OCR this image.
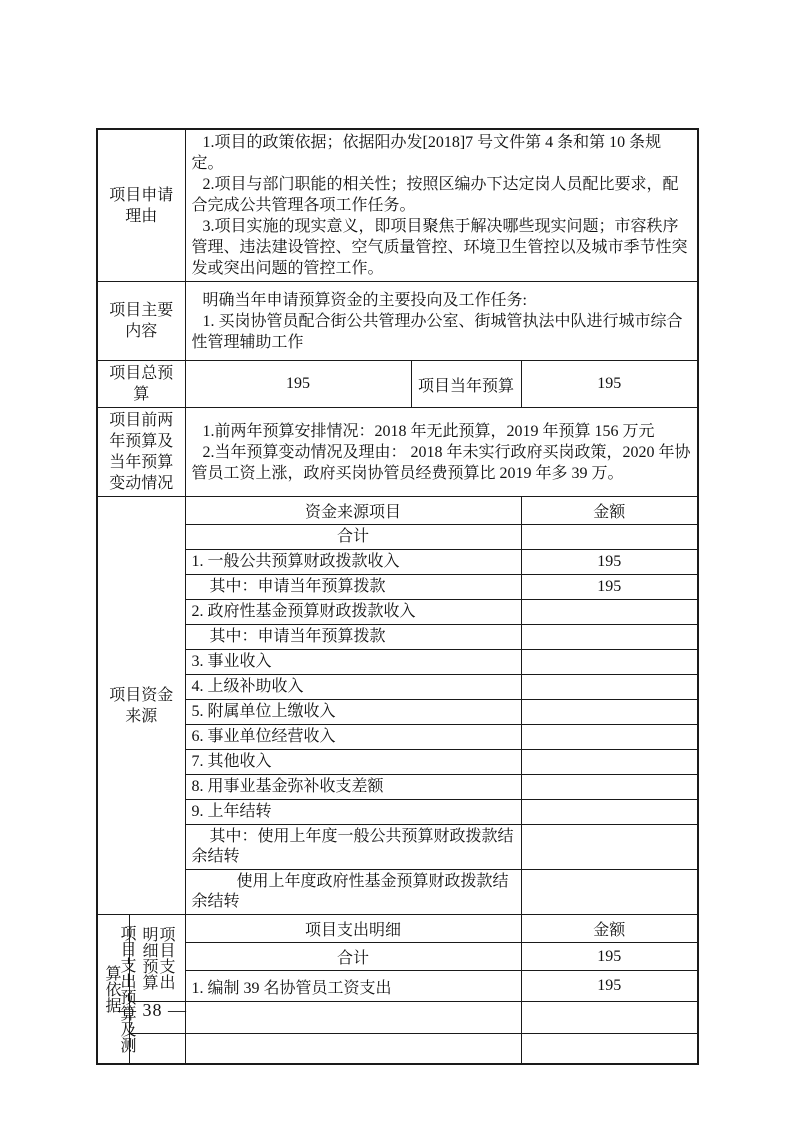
项目申请理由		1.项目的政策依据；依据阳办发[2018]7 号文件第 4 条和第 10 条规定。

2.项目与部门职能的相关性；按照区编办下达定岗人员配比要求，配合完成公共管理各项工作任务。

3.项目实施的现实意义，即项目聚焦于解决哪些现实问题；市容秩序管理、违法建设管控、空气质量管控、环境卫生管控以及城市季节性突发或突出问题的管控工作。		

项目主要内容		明确当年申请预算资金的主要投向及工作任务:

1. 买岗协管员配合街公共管理办公室、街城管执法中队进行城市综合性管理辅助工作		

项目总预算		195	项目当年预算	195

项目前两年预算及当年预算变动情况		1.前两年预算安排情况：2018 年无此预算，2019 年预算 156 万元

2.当年预算变动情况及理由： 2018 年未实行政府买岗政策，2020 年协管员工资上涨，政府买岗协管员经费预算比 2019 年多 39 万。		

项目资金来源		资金来源项目		金额
		合计		
		1. 一般公共预算财政拨款收入		195
		其中：申请当年预算拨款		195
		2. 政府性基金预算财政拨款收入		
		其中：申请当年预算拨款		
		3. 事业收入		
		4. 上级补助收入		
		5. 附属单位上缴收入		
		6. 事业单位经营收入		
		7. 其他收入		
		8. 用事业基金弥补收支差额		
		9. 上年结转		
		其中：使用上年度一般公共预算财政拨款结余结转		
		使用上年度政府性基金预算财政拨款结余结转		

项目支出预算及测算依据	项目支出明细预算	项目支出明细		金额
		合计		195
		1. 编制 39 名协管员工资支出		195

— 38 —
